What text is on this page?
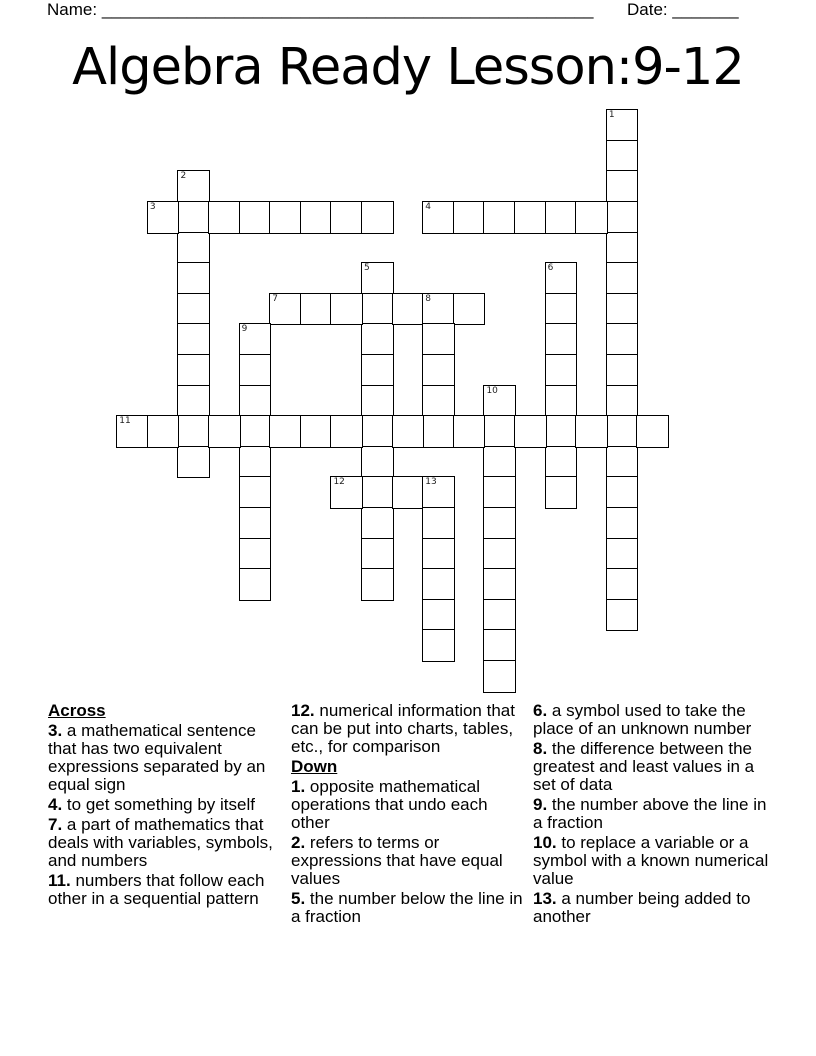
Name: ____________________________________________________ Date: _______
Algebra Ready Lesson:9-12
1
2
3	4
5	6
7	8
9
10
11
12	13
Across
3. a mathematical sentence that has two equivalent expressions separated by an equal sign
4. to get something by itself
7. a part of mathematics that deals with variables, symbols, and numbers
11. numbers that follow each other in a sequential pattern
12. numerical information that can be put into charts, tables, etc., for comparison
Down
1. opposite mathematical operations that undo each other
2. refers to terms or expressions that have equal values
5. the number below the line in a fraction
6. a symbol used to take the place of an unknown number
8. the difference between the greatest and least values in a set of data
9. the number above the line in a fraction
10. to replace a variable or a symbol with a known numerical value
13. a number being added to another
